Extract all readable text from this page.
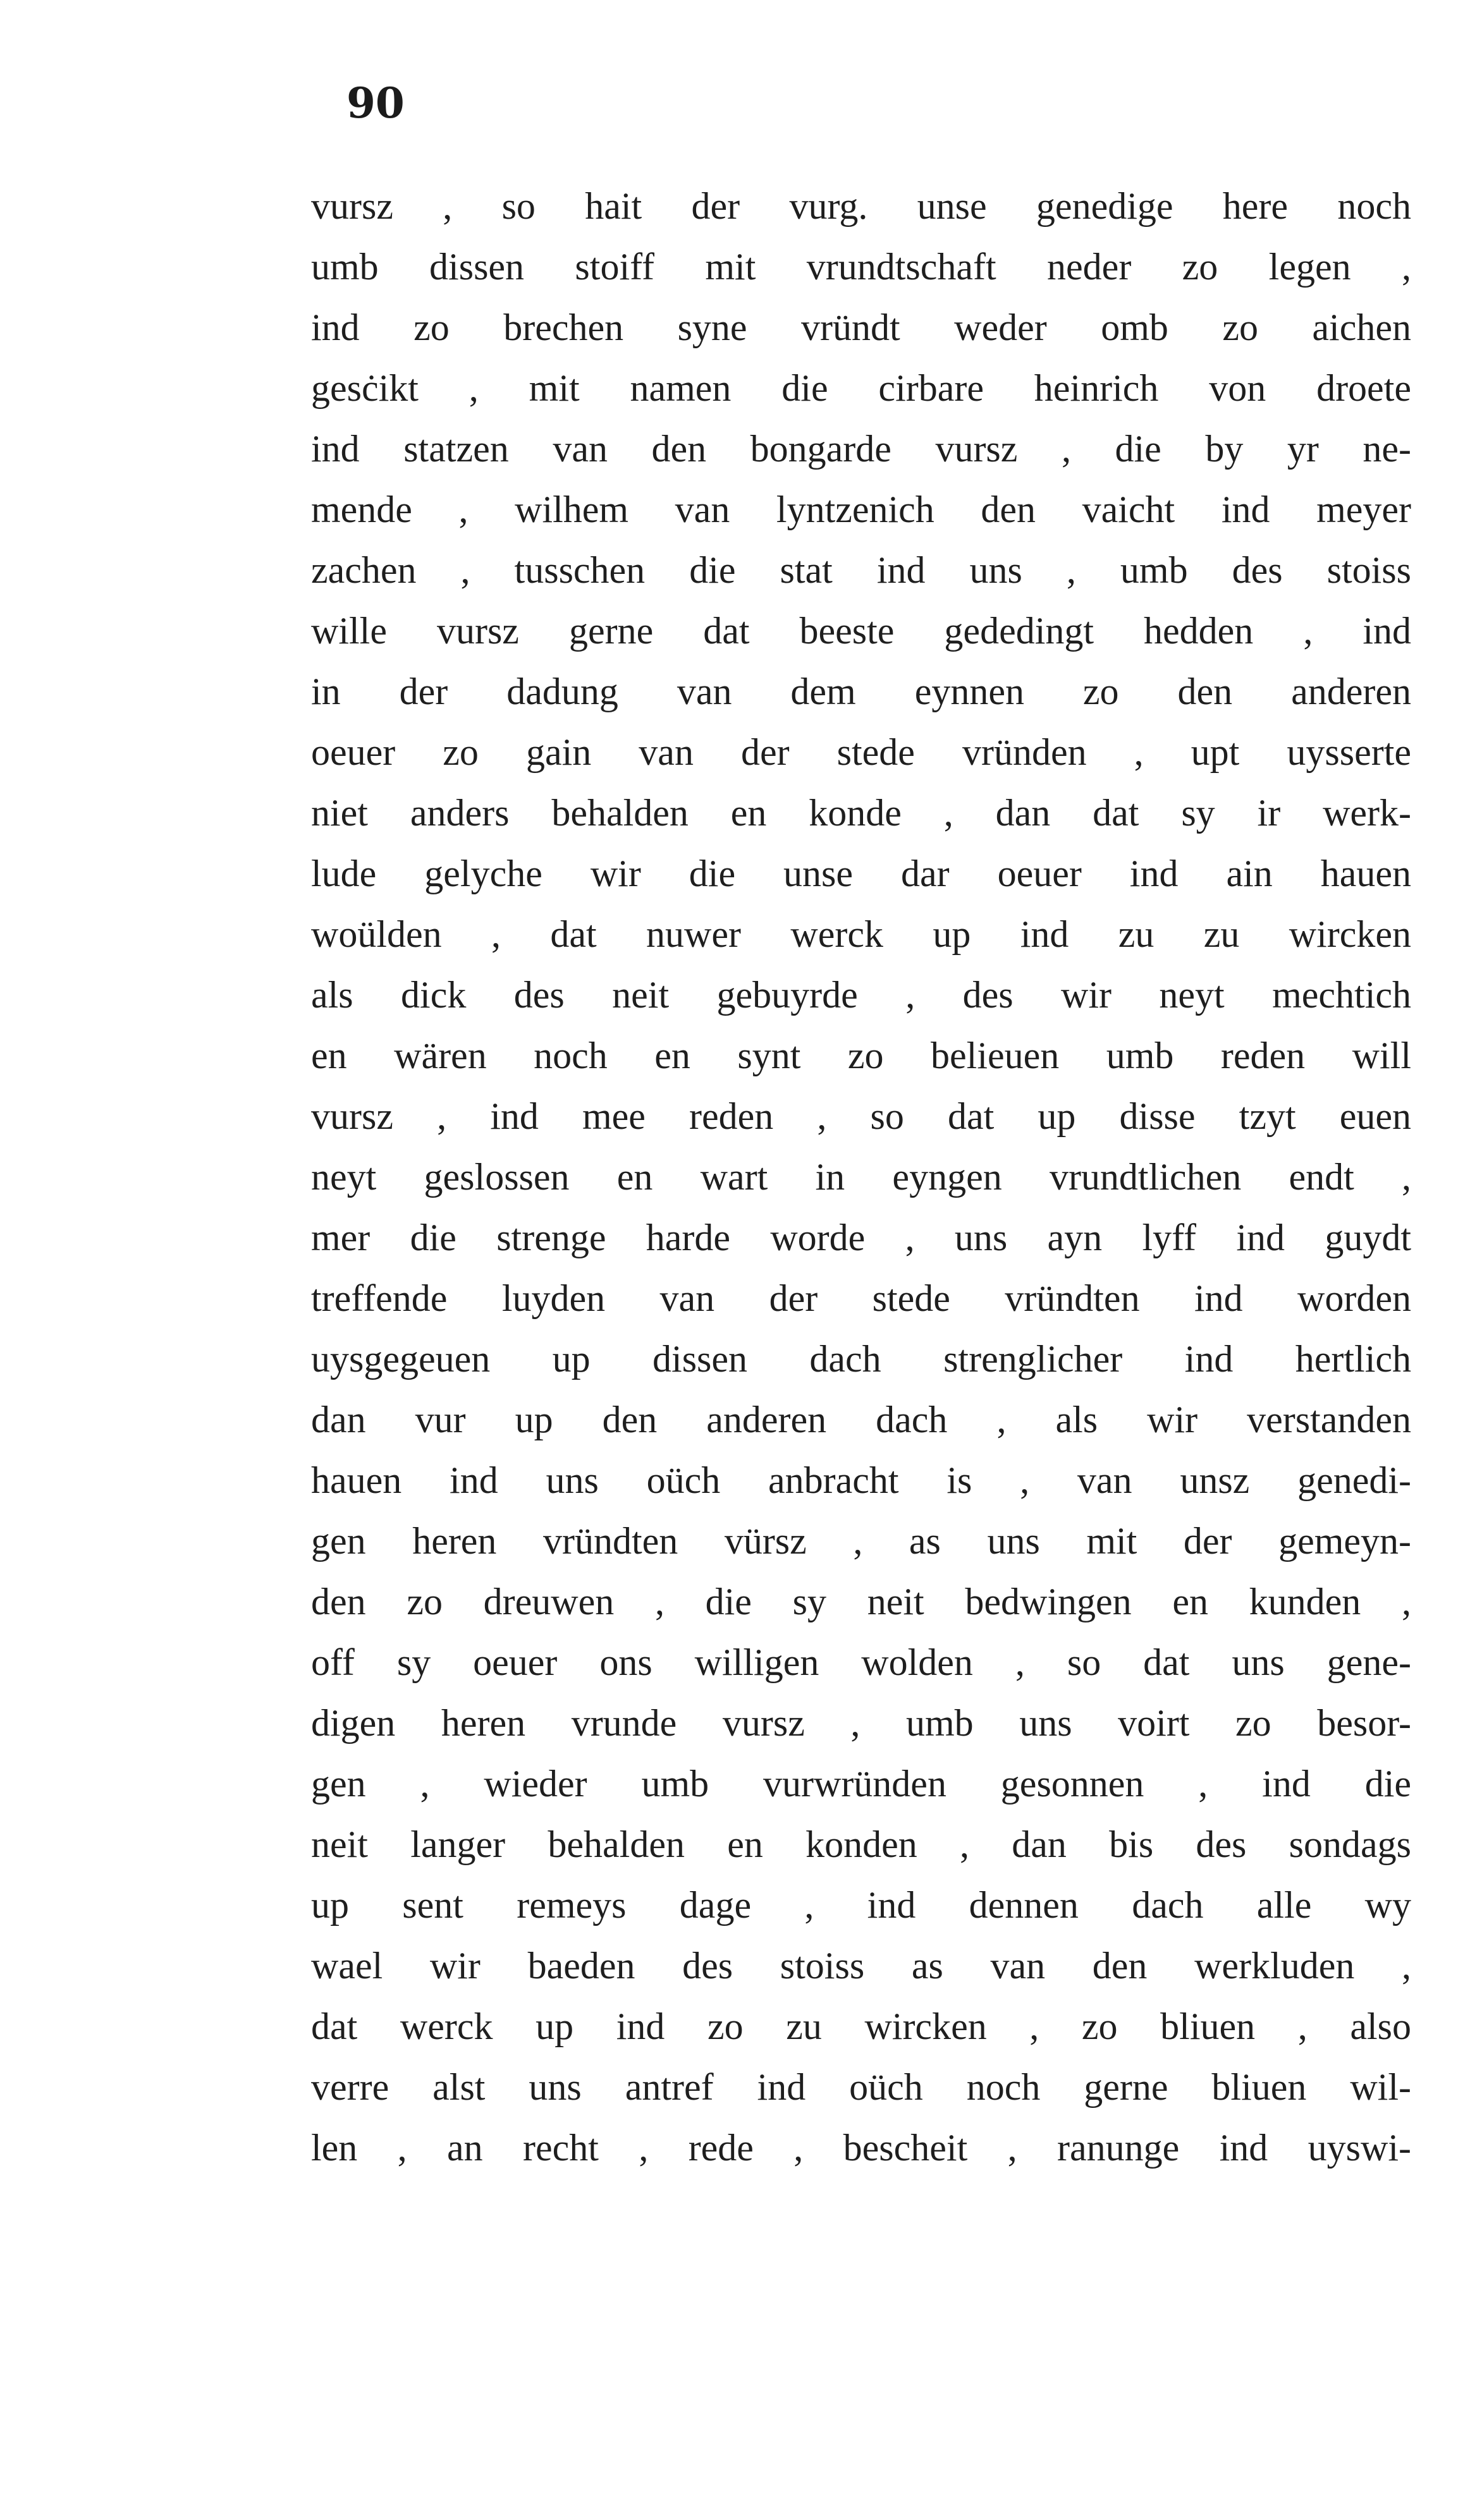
90
vursz , so hait der vurg. unse genedige here noch
umb dissen stoiff mit vrundtschaft neder zo legen ,
ind zo brechen syne vründt weder omb zo aichen
gesċikt , mit namen die cirbare heinrich von droete
ind statzen van den bongarde vursz , die by yr ne-
mende , wilhem van lyntzenich den vaicht ind meyer
zachen , tusschen die stat ind uns , umb des stoiss
wille vursz gerne dat beeste gededingt hedden , ind
in der dadung van dem eynnen zo den anderen
oeuer zo gain van der stede vründen , upt uysserte
niet anders behalden en konde , dan dat sy ir werk-
lude gelyche wir die unse dar oeuer ind ain hauen
woülden , dat nuwer werck up ind zu zu wircken
als dick des neit gebuyrde , des wir neyt mechtich
en wären noch en synt zo belieuen umb reden will
vursz , ind mee reden , so dat up disse tzyt euen
neyt geslossen en wart in eyngen vrundtlichen endt ,
mer die strenge harde worde , uns ayn lyff ind guydt
treffende luyden van der stede vründten ind worden
uysgegeuen up dissen dach strenglicher ind hertlich
dan vur up den anderen dach , als wir verstanden
hauen ind uns oüch anbracht is , van unsz genedi-
gen heren vründten vürsz , as uns mit der gemeyn-
den zo dreuwen , die sy neit bedwingen en kunden ,
off sy oeuer ons willigen wolden , so dat uns gene-
digen heren vrunde vursz , umb uns voirt zo besor-
gen , wieder umb vurwründen gesonnen , ind die
neit langer behalden en konden , dan bis des sondags
up sent remeys dage , ind dennen dach alle wy
wael wir baeden des stoiss as van den werkluden ,
dat werck up ind zo zu wircken , zo bliuen , also
verre alst uns antref ind oüch noch gerne bliuen wil-
len , an recht , rede , bescheit , ranunge ind uyswi-
